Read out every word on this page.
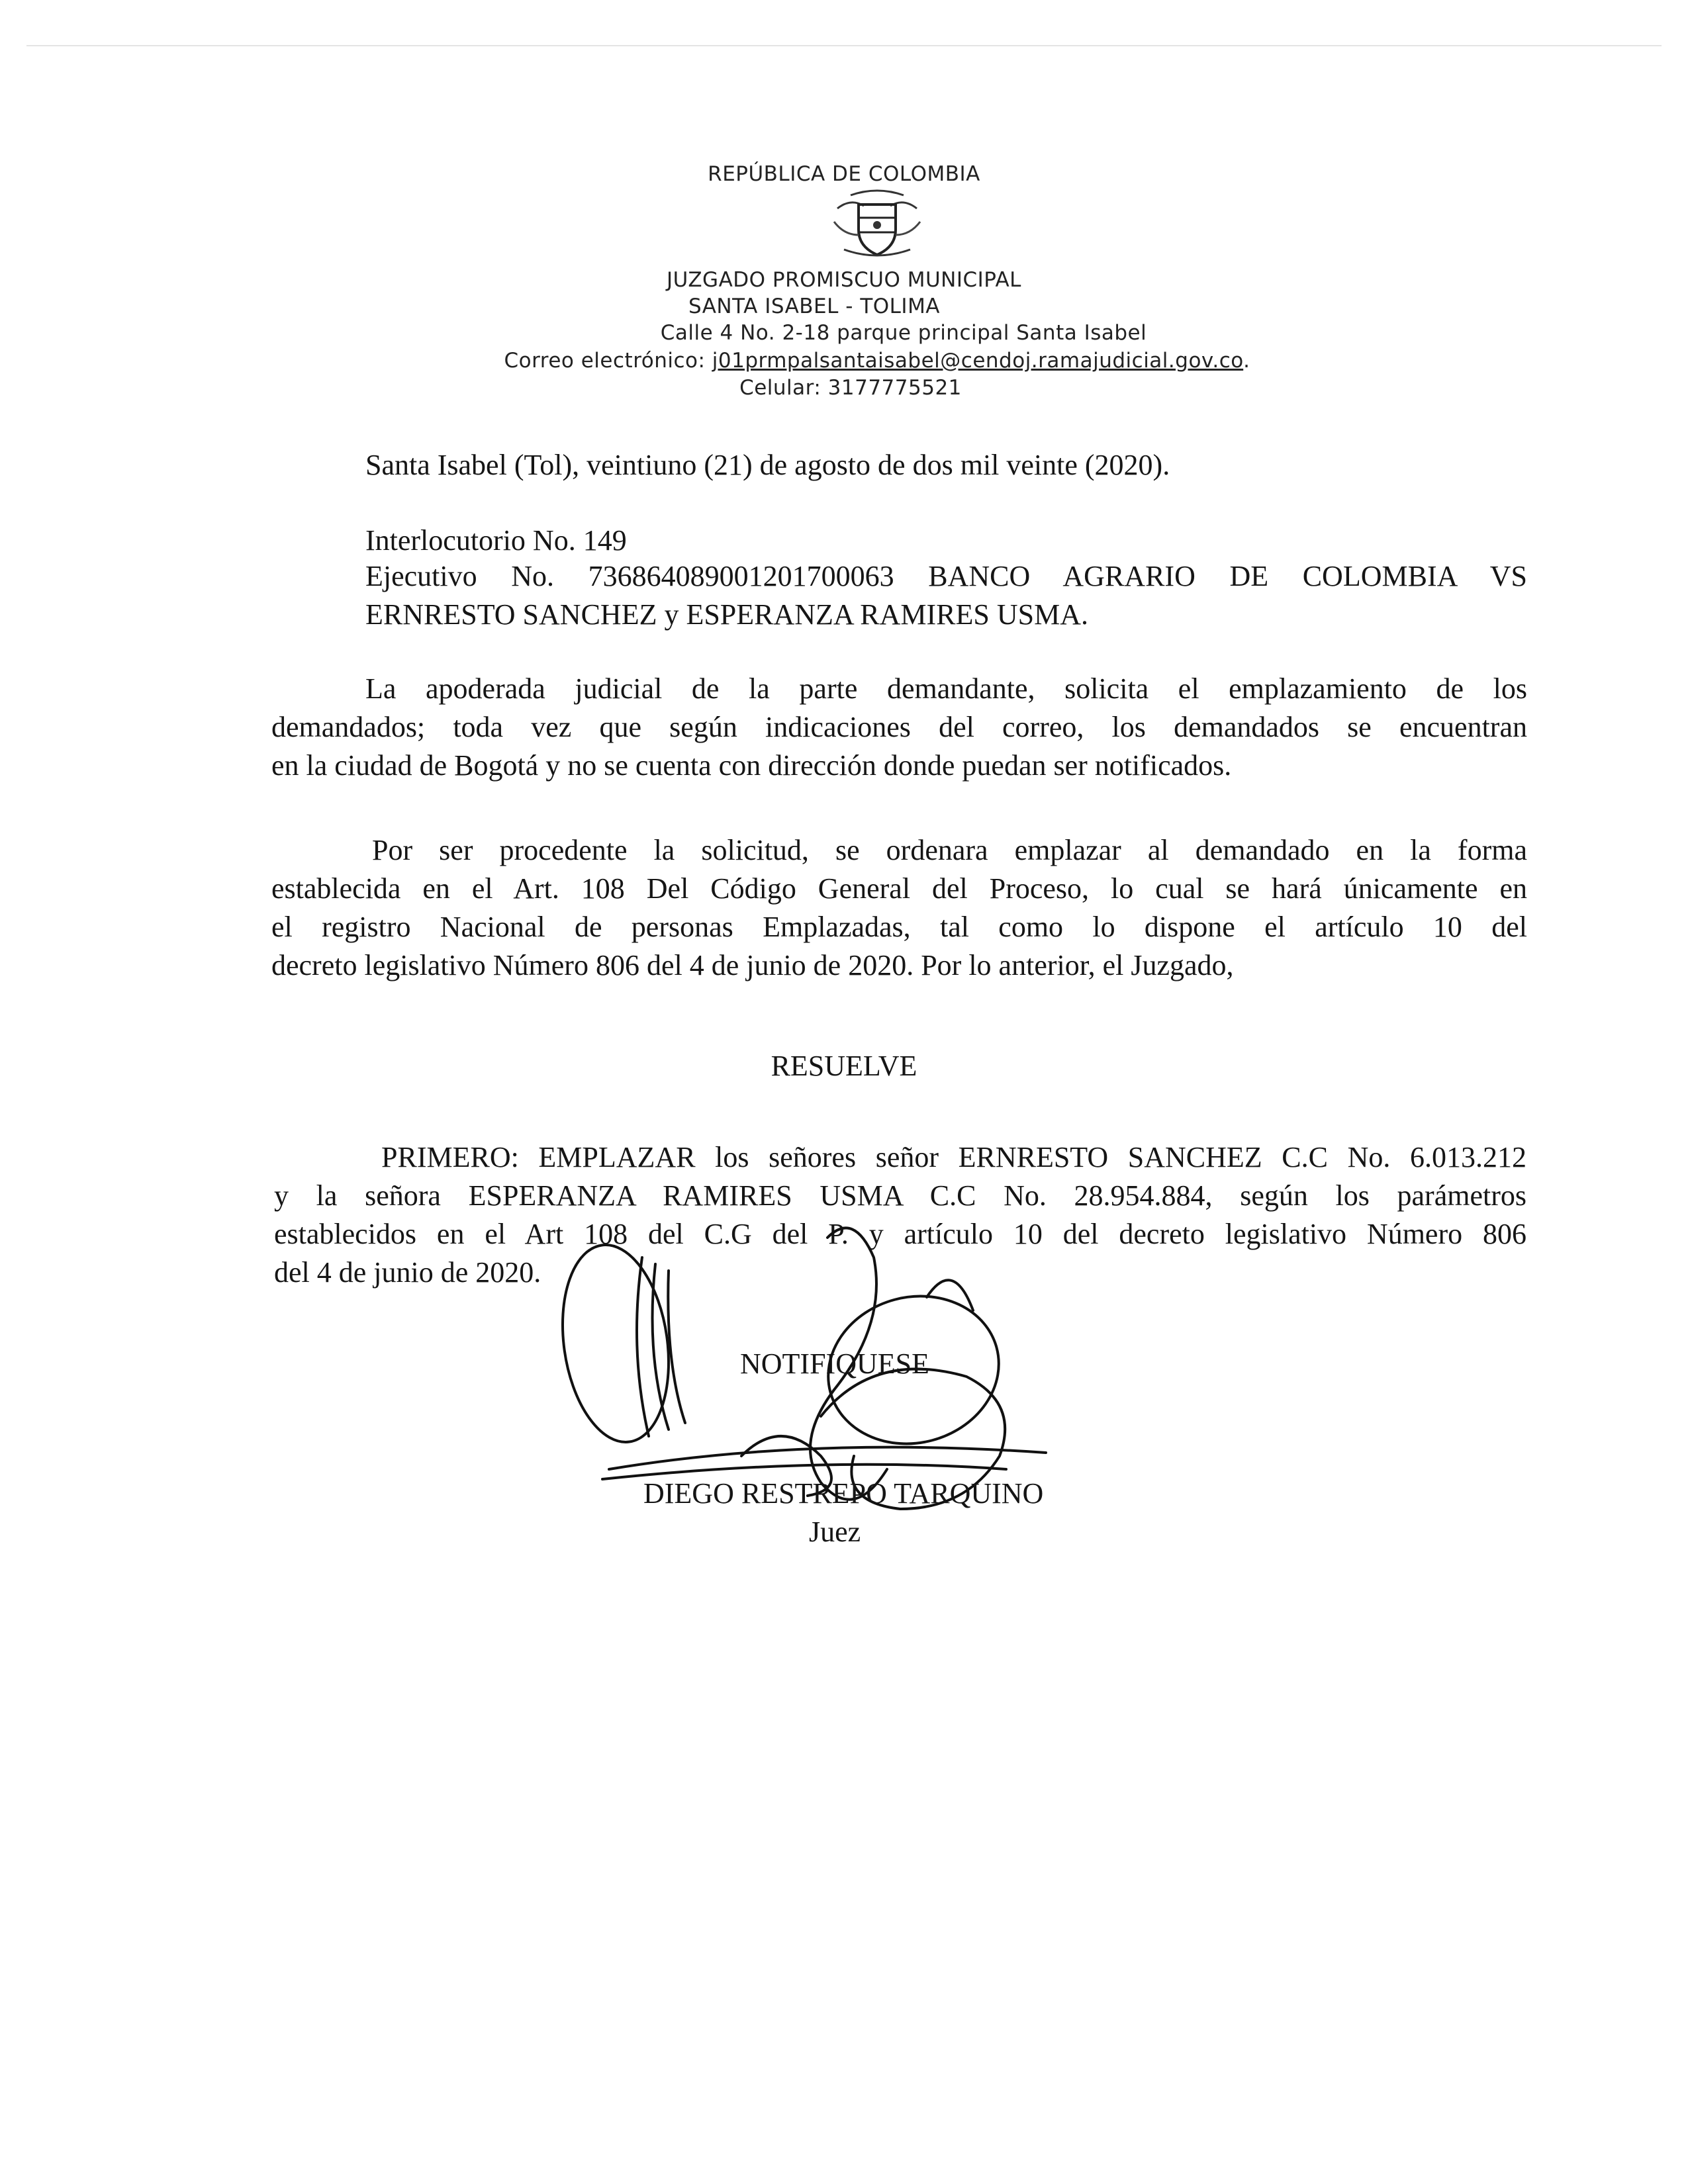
REPÚBLICA DE COLOMBIA
JUZGADO PROMISCUO MUNICIPAL
SANTA ISABEL - TOLIMA
Calle 4 No. 2-18 parque principal Santa Isabel
Correo electrónico: j01prmpalsantaisabel@cendoj.ramajudicial.gov.co.
Celular: 3177775521
Santa Isabel (Tol), veintiuno (21) de agosto de dos mil veinte (2020).
Interlocutorio No. 149
Ejecutivo No. 73686408900120170006​3 BANCO AGRARIO DE COLOMBIA VS
ERNRESTO SANCHEZ y ESPERANZA RAMIRES USMA.
La apoderada judicial de la parte demandante, solicita el emplazamiento de los
demandados; toda vez que según indicaciones del correo, los demandados se encuentran
en la ciudad de Bogotá y no se cuenta con dirección donde puedan ser notificados.
Por ser procedente la solicitud, se ordenara emplazar al demandado en la forma
establecida en el Art. 108 Del Código General del Proceso, lo cual se hará únicamente en
el registro Nacional de personas Emplazadas, tal como lo dispone el artículo 10 del
decreto legislativo Número 806 del 4 de junio de 2020. Por lo anterior, el Juzgado,
RESUELVE
PRIMERO: EMPLAZAR los señores señor ERNRESTO SANCHEZ C.C No. 6.013.212
y la señora ESPERANZA RAMIRES USMA C.C No. 28.954.884, según los parámetros
establecidos en el Art 108 del C.G del P. y artículo 10 del decreto legislativo Número 806
del 4 de junio de 2020.
NOTIFIQUESE
DIEGO RESTREPO TARQUINO
Juez
